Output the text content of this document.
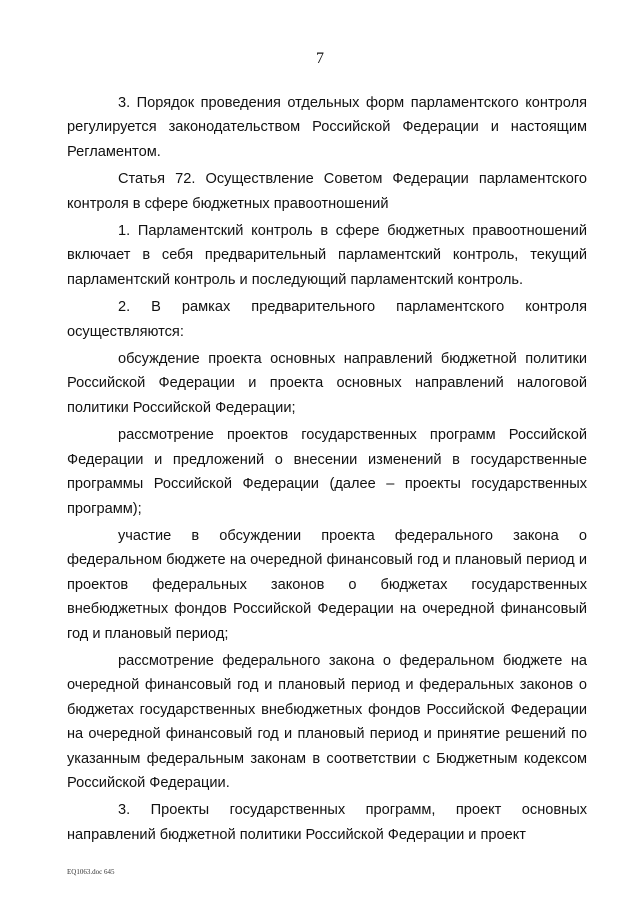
7

3. Порядок проведения отдельных форм парламентского контроля регулируется законодательством Российской Федерации и настоящим Регламентом.

Статья 72. Осуществление Советом Федерации парламентского контроля в сфере бюджетных правоотношений

1. Парламентский контроль в сфере бюджетных правоотношений включает в себя предварительный парламентский контроль, текущий парламентский контроль и последующий парламентский контроль.

2. В рамках предварительного парламентского контроля осуществляются:

обсуждение проекта основных направлений бюджетной политики Российской Федерации и проекта основных направлений налоговой политики Российской Федерации;

рассмотрение проектов государственных программ Российской Федерации и предложений о внесении изменений в государственные программы Российской Федерации (далее – проекты государственных программ);

участие в обсуждении проекта федерального закона о федеральном бюджете на очередной финансовый год и плановый период и проектов федеральных законов о бюджетах государственных внебюджетных фондов Российской Федерации на очередной финансовый год и плановый период;

рассмотрение федерального закона о федеральном бюджете на очередной финансовый год и плановый период и федеральных законов о бюджетах государственных внебюджетных фондов Российской Федерации на очередной финансовый год и плановый период и принятие решений по указанным федеральным законам в соответствии с Бюджетным кодексом Российской Федерации.

3. Проекты государственных программ, проект основных направлений бюджетной политики Российской Федерации и проект

EQ1063.doc 645
